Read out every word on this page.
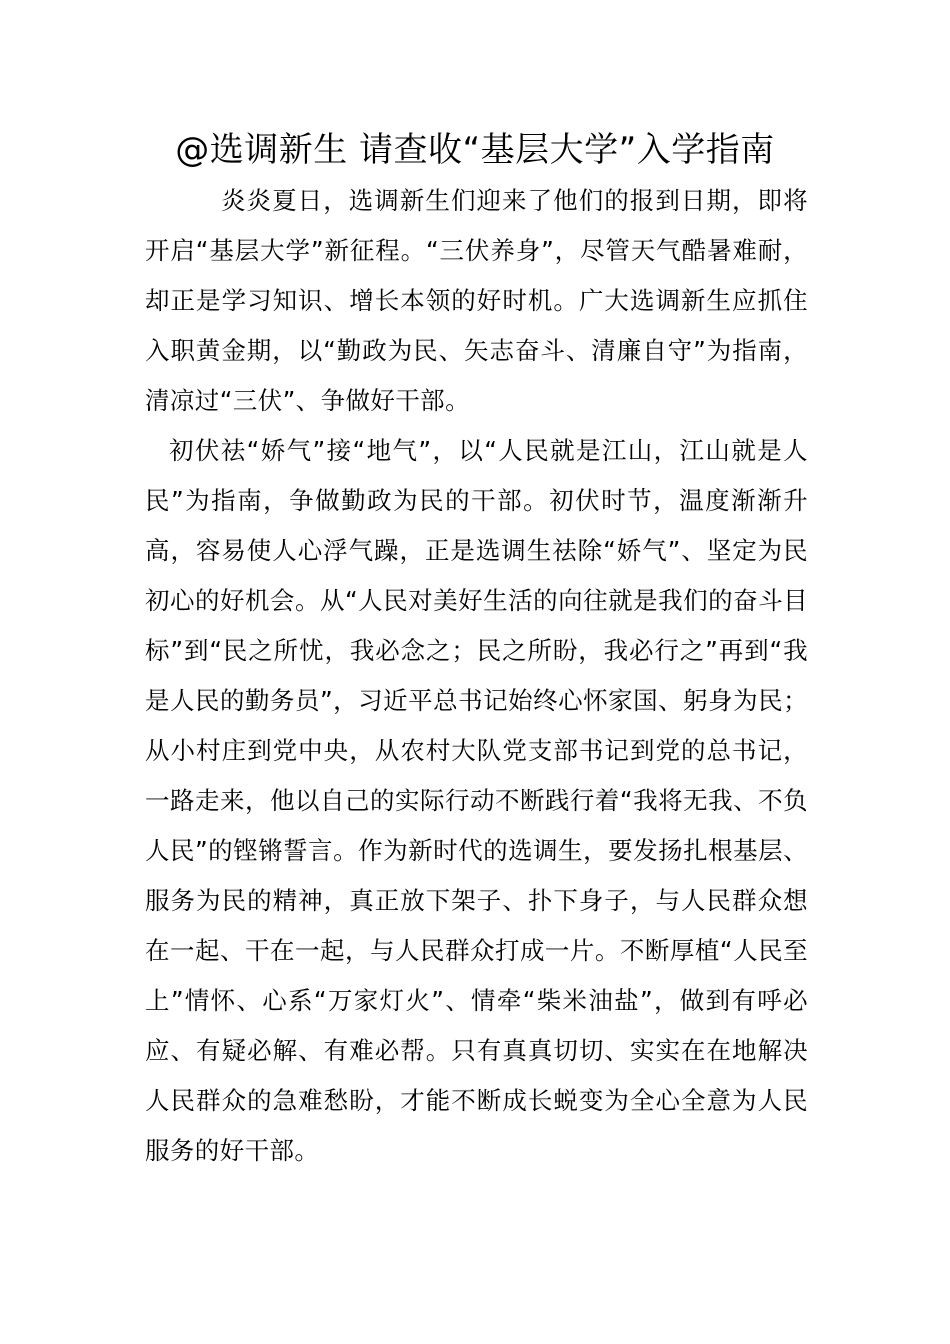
@选调新生 请查收“基层大学”入学指南

炎炎夏日，选调新生们迎来了他们的报到日期，即将开启“基层大学”新征程。“三伏养身”，尽管天气酷暑难耐，却正是学习知识、增长本领的好时机。广大选调新生应抓住入职黄金期，以“勤政为民、矢志奋斗、清廉自守”为指南，清凉过“三伏”、争做好干部。

初伏祛“娇气”接“地气”，以“人民就是江山，江山就是人民”为指南，争做勤政为民的干部。初伏时节，温度渐渐升高，容易使人心浮气躁，正是选调生祛除“娇气”、坚定为民初心的好机会。从“人民对美好生活的向往就是我们的奋斗目标”到“民之所忧，我必念之；民之所盼，我必行之”再到“我是人民的勤务员”，习近平总书记始终心怀家国、躬身为民；从小村庄到党中央，从农村大队党支部书记到党的总书记，一路走来，他以自己的实际行动不断践行着“我将无我、不负人民”的铿锵誓言。作为新时代的选调生，要发扬扎根基层、服务为民的精神，真正放下架子、扑下身子，与人民群众想在一起、干在一起，与人民群众打成一片。不断厚植“人民至上”情怀、心系“万家灯火”、情牵“柴米油盐”，做到有呼必应、有疑必解、有难必帮。只有真真切切、实实在在地解决人民群众的急难愁盼，才能不断成长蜕变为全心全意为人民服务的好干部。
